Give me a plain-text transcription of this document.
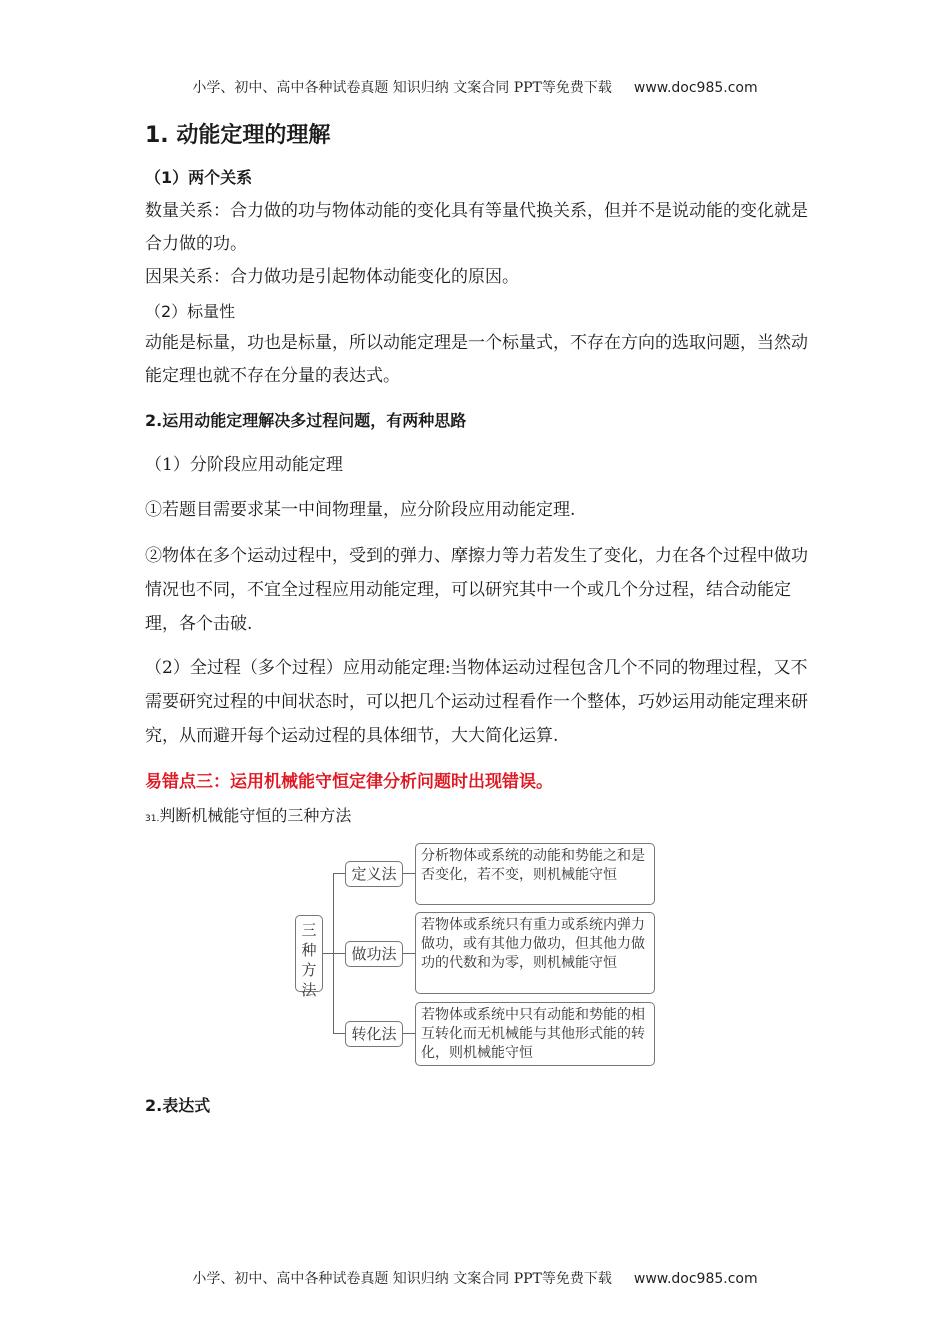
小学、初中、高中各种试卷真题 知识归纳 文案合同 PPT等免费下载 www.doc985.com
1. 动能定理的理解
（1）两个关系
数量关系：合力做的功与物体动能的变化具有等量代换关系，但并不是说动能的变化就是合力做的功。
因果关系：合力做功是引起物体动能变化的原因。
（2）标量性
动能是标量，功也是标量，所以动能定理是一个标量式，不存在方向的选取问题，当然动能定理也就不存在分量的表达式。
2.运用动能定理解决多过程问题，有两种思路
（1）分阶段应用动能定理
①若题目需要求某一中间物理量，应分阶段应用动能定理.
②物体在多个运动过程中，受到的弹力、摩擦力等力若发生了变化，力在各个过程中做功情况也不同，不宜全过程应用动能定理，可以研究其中一个或几个分过程，结合动能定理，各个击破.
（2）全过程（多个过程）应用动能定理:当物体运动过程包含几个不同的物理过程，又不需要研究过程的中间状态时，可以把几个运动过程看作一个整体，巧妙运用动能定理来研究，从而避开每个运动过程的具体细节，大大简化运算.
易错点三：运用机械能守恒定律分析问题时出现错误。
31.判断机械能守恒的三种方法
三种方法
定义法
做功法
转化法
分析物体或系统的动能和势能之和是否变化，若不变，则机械能守恒
若物体或系统只有重力或系统内弹力做功，或有其他力做功，但其他力做功的代数和为零，则机械能守恒
若物体或系统中只有动能和势能的相互转化而无机械能与其他形式能的转化，则机械能守恒
2.表达式
小学、初中、高中各种试卷真题 知识归纳 文案合同 PPT等免费下载 www.doc985.com
